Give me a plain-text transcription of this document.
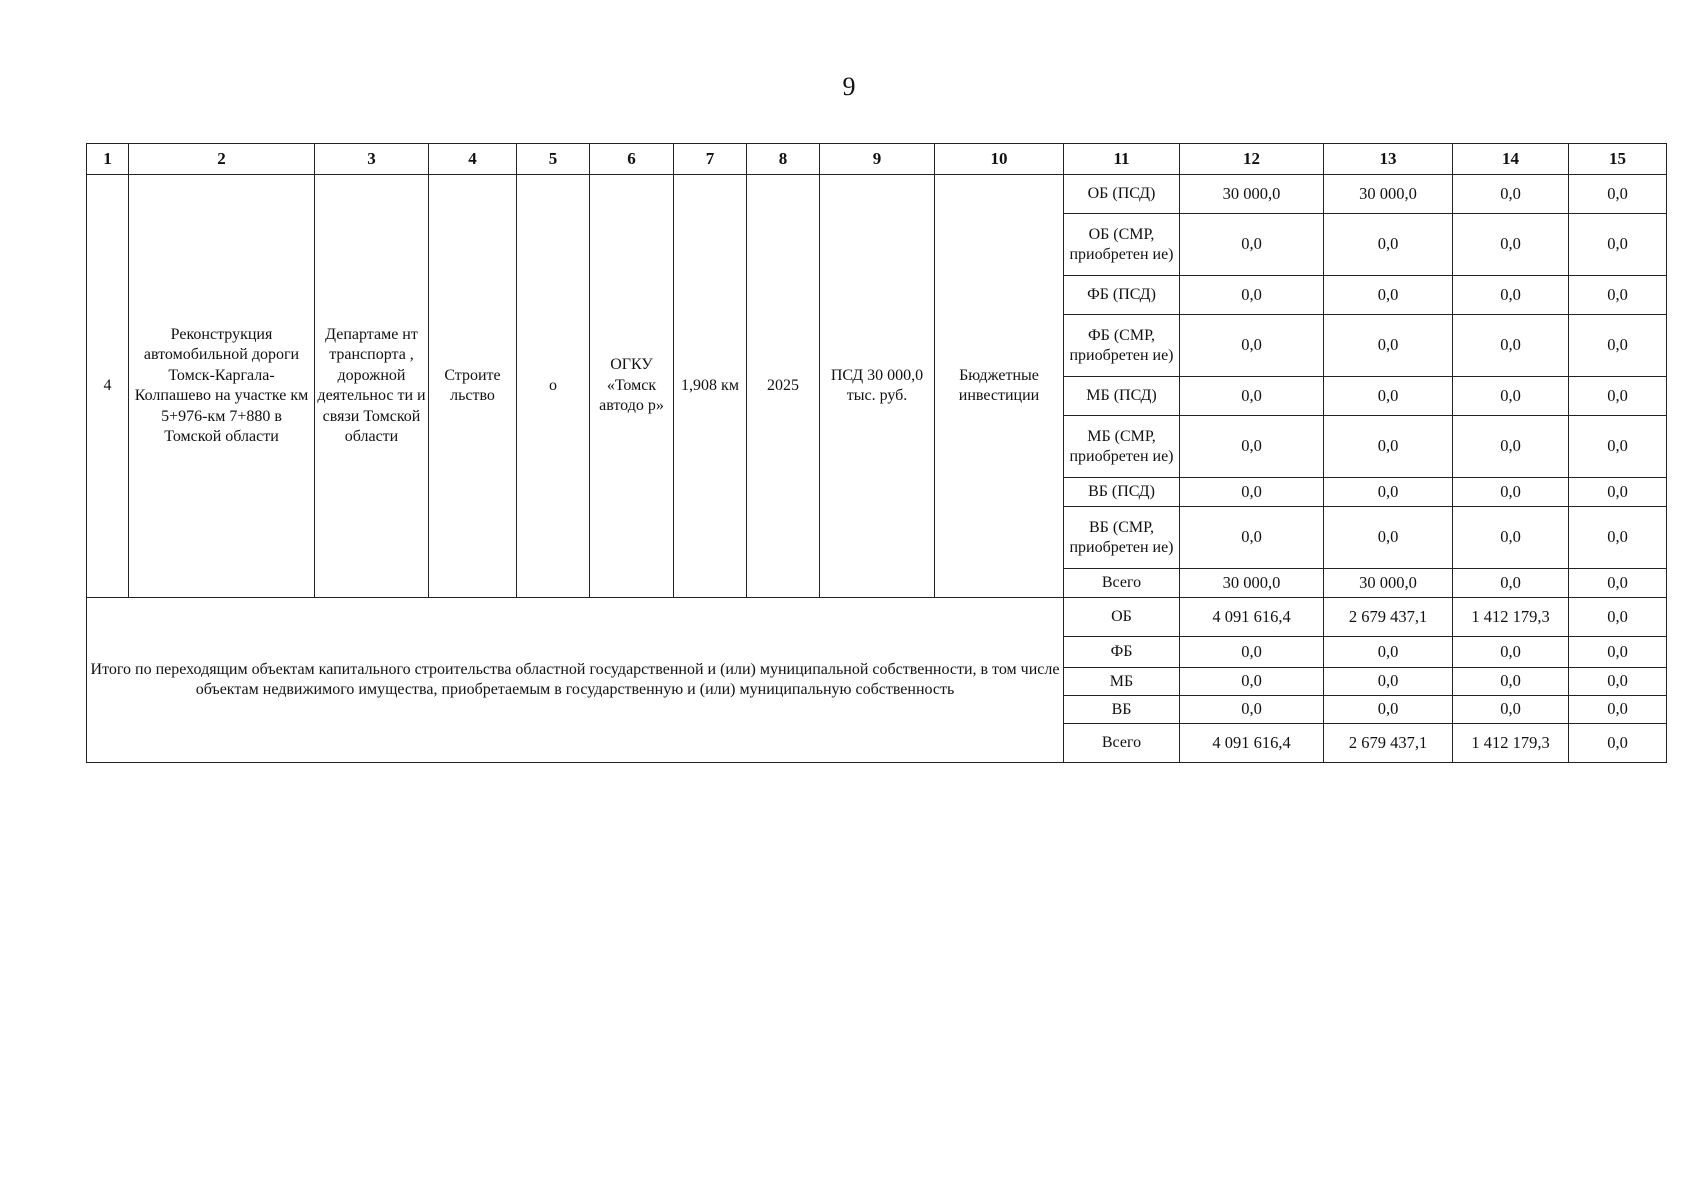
9
1	2	3	4	5	6	7	8	9	10	11	12	13	14	15
4	Реконструкция автомобильной дороги Томск-Каргала-Колпашево на участке км 5+976-км 7+880 в Томской области	Департаме нт транспорта , дорожной деятельнос ти и связи Томской области	Строите льство	о	ОГКУ «Томск автодо р»	1,908 км	2025	ПСД 30 000,0 тыс. руб.	Бюджетные инвестиции	ОБ (ПСД)	30 000,0	30 000,0	0,0	0,0
										ОБ (СМР, приобретен ие)	0,0	0,0	0,0	0,0
										ФБ (ПСД)	0,0	0,0	0,0	0,0
										ФБ (СМР, приобретен ие)	0,0	0,0	0,0	0,0
										МБ (ПСД)	0,0	0,0	0,0	0,0
										МБ (СМР, приобретен ие)	0,0	0,0	0,0	0,0
										ВБ (ПСД)	0,0	0,0	0,0	0,0
										ВБ (СМР, приобретен ие)	0,0	0,0	0,0	0,0
										Всего	30 000,0	30 000,0	0,0	0,0
Итого по переходящим объектам капитального строительства областной государственной и (или) муниципальной собственности, в том числе объектам недвижимого имущества, приобретаемым в государственную и (или) муниципальную собственность										ОБ	4 091 616,4	2 679 437,1	1 412 179,3	0,0
										ФБ	0,0	0,0	0,0	0,0
										МБ	0,0	0,0	0,0	0,0
										ВБ	0,0	0,0	0,0	0,0
										Всего	4 091 616,4	2 679 437,1	1 412 179,3	0,0
